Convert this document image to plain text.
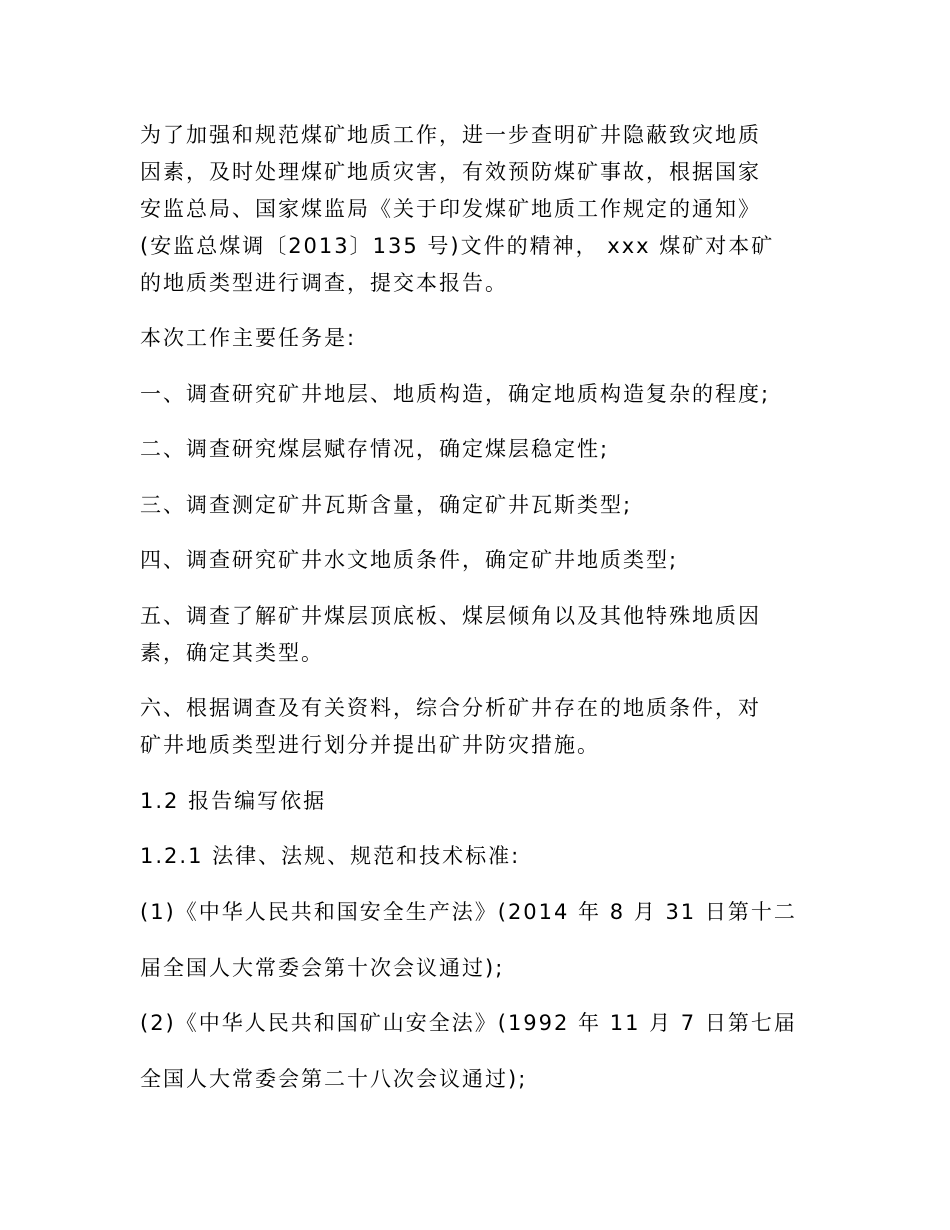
为了加强和规范煤矿地质工作，进一步查明矿井隐蔽致灾地质
因素，及时处理煤矿地质灾害，有效预防煤矿事故，根据国家
安监总局、国家煤监局《关于印发煤矿地质工作规定的通知》
(安监总煤调〔2013〕135 号)文件的精神， xxx 煤矿对本矿
的地质类型进行调查，提交本报告。
本次工作主要任务是:
一、调查研究矿井地层、地质构造，确定地质构造复杂的程度;
二、调查研究煤层赋存情况，确定煤层稳定性;
三、调查测定矿井瓦斯含量，确定矿井瓦斯类型;
四、调查研究矿井水文地质条件，确定矿井地质类型;
五、调查了解矿井煤层顶底板、煤层倾角以及其他特殊地质因
素，确定其类型。
六、根据调查及有关资料，综合分析矿井存在的地质条件，对
矿井地质类型进行划分并提出矿井防灾措施。
1.2 报告编写依据
1.2.1 法律、法规、规范和技术标准:
(1)《中华人民共和国安全生产法》(2014 年 8 月 31 日第十二
届全国人大常委会第十次会议通过);
(2)《中华人民共和国矿山安全法》(1992 年 11 月 7 日第七届
全国人大常委会第二十八次会议通过);
